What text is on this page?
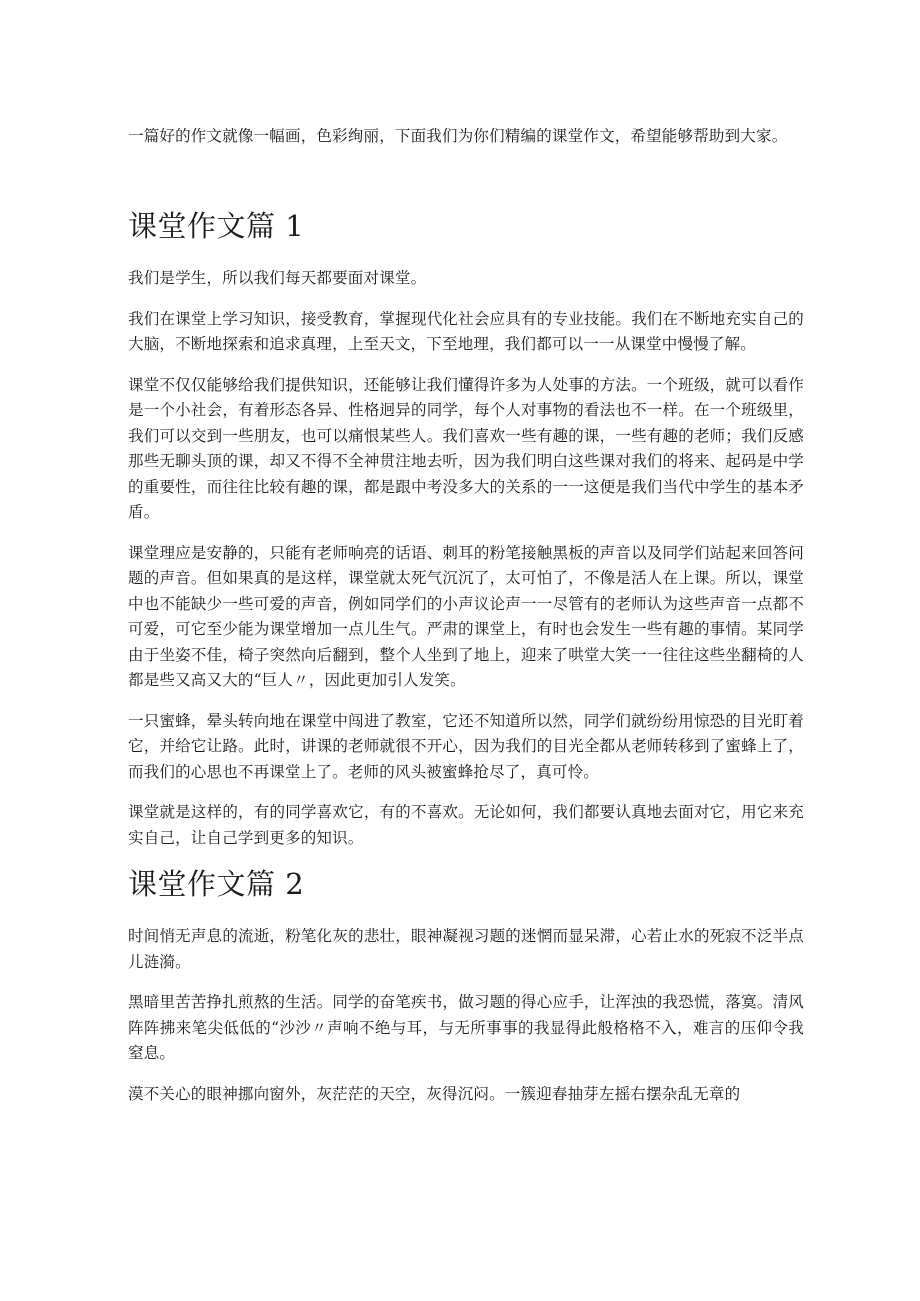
一篇好的作文就像一幅画，色彩绚丽，下面我们为你们精编的课堂作文，希望能够帮助到大家。

课堂作文篇 1

我们是学生，所以我们每天都要面对课堂。

我们在课堂上学习知识，接受教育，掌握现代化社会应具有的专业技能。我们在不断地充实自己的大脑，不断地探索和追求真理，上至天文，下至地理，我们都可以一一从课堂中慢慢了解。

课堂不仅仅能够给我们提供知识，还能够让我们懂得许多为人处事的方法。一个班级，就可以看作是一个小社会，有着形态各异、性格迥异的同学，每个人对事物的看法也不一样。在一个班级里，我们可以交到一些朋友，也可以痛恨某些人。我们喜欢一些有趣的课，一些有趣的老师；我们反感那些无聊头顶的课，却又不得不全神贯注地去听，因为我们明白这些课对我们的将来、起码是中学的重要性，而往往比较有趣的课，都是跟中考没多大的关系的一一这便是我们当代中学生的基本矛盾。

课堂理应是安静的，只能有老师响亮的话语、刺耳的粉笔接触黑板的声音以及同学们站起来回答问题的声音。但如果真的是这样，课堂就太死气沉沉了，太可怕了，不像是活人在上课。所以，课堂中也不能缺少一些可爱的声音，例如同学们的小声议论声一一尽管有的老师认为这些声音一点都不可爱，可它至少能为课堂增加一点儿生气。严肃的课堂上，有时也会发生一些有趣的事情。某同学由于坐姿不佳，椅子突然向后翻到，整个人坐到了地上，迎来了哄堂大笑一一往往这些坐翻椅的人都是些又高又大的“巨人〃，因此更加引人发笑。

一只蜜蜂，晕头转向地在课堂中闯进了教室，它还不知道所以然，同学们就纷纷用惊恐的目光盯着它，并给它让路。此时，讲课的老师就很不开心，因为我们的目光全都从老师转移到了蜜蜂上了，而我们的心思也不再课堂上了。老师的风头被蜜蜂抢尽了，真可怜。

课堂就是这样的，有的同学喜欢它，有的不喜欢。无论如何，我们都要认真地去面对它，用它来充实自己，让自己学到更多的知识。

课堂作文篇 2

时间悄无声息的流逝，粉笔化灰的悲壮，眼神凝视习题的迷惘而显呆滞，心若止水的死寂不泛半点儿涟漪。

黑暗里苦苦挣扎煎熬的生活。同学的奋笔疾书，做习题的得心应手，让浑浊的我恐慌，落寞。清风阵阵拂来笔尖低低的“沙沙〃声响不绝与耳，与无所事事的我显得此般格格不入，难言的压仰令我窒息。

漠不关心的眼神挪向窗外，灰茫茫的天空，灰得沉闷。一簇迎春抽芽左摇右摆杂乱无章的
